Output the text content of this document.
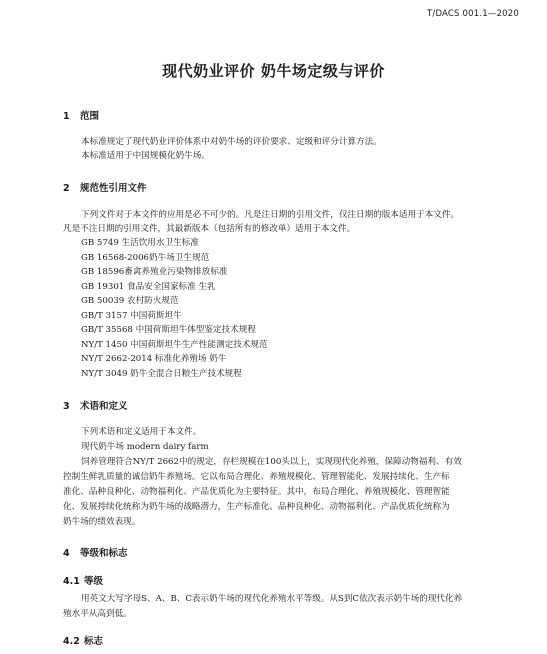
T/DACS 001.1—2020
现代奶业评价 奶牛场定级与评价
1 范围
本标准规定了现代奶业评价体系中对奶牛场的评价要求、定级和评分计算方法。
本标准适用于中国规模化奶牛场。
2 规范性引用文件
下列文件对于本文件的应用是必不可少的。凡是注日期的引用文件，仅注日期的版本适用于本文件。
凡是不注日期的引用文件，其最新版本（包括所有的修改单）适用于本文件。
GB 5749 生活饮用水卫生标准
GB 16568-2006奶牛场卫生规范
GB 18596畜禽养殖业污染物排放标准
GB 19301 食品安全国家标准 生乳
GB 50039 农村防火规范
GB/T 3157 中国荷斯坦牛
GB/T 35568 中国荷斯坦牛体型鉴定技术规程
NY/T 1450 中国荷斯坦牛生产性能测定技术规范
NY/T 2662-2014 标准化养殖场 奶牛
NY/T 3049 奶牛全混合日粮生产技术规程
3 术语和定义
下列术语和定义适用于本文件。
现代奶牛场 modern dairy farm
饲养管理符合NY/T 2662中的规定，存栏规模在100头以上，实现现代化养殖，保障动物福利、有效
控制生鲜乳质量的诚信奶牛养殖场。它以布局合理化、养殖规模化、管理智能化、发展持续化、生产标
准化、品种良种化、动物福利化、产品优质化为主要特征。其中，布局合理化、养殖规模化、管理智能
化、发展持续化统称为奶牛场的战略潜力，生产标准化、品种良种化、动物福利化、产品优质化统称为
奶牛场的绩效表现。
4 等级和标志
4.1 等级
用英文大写字母S、A、B、C表示奶牛场的现代化养殖水平等级。从S到C依次表示奶牛场的现代化养
殖水平从高到低。
4.2 标志
